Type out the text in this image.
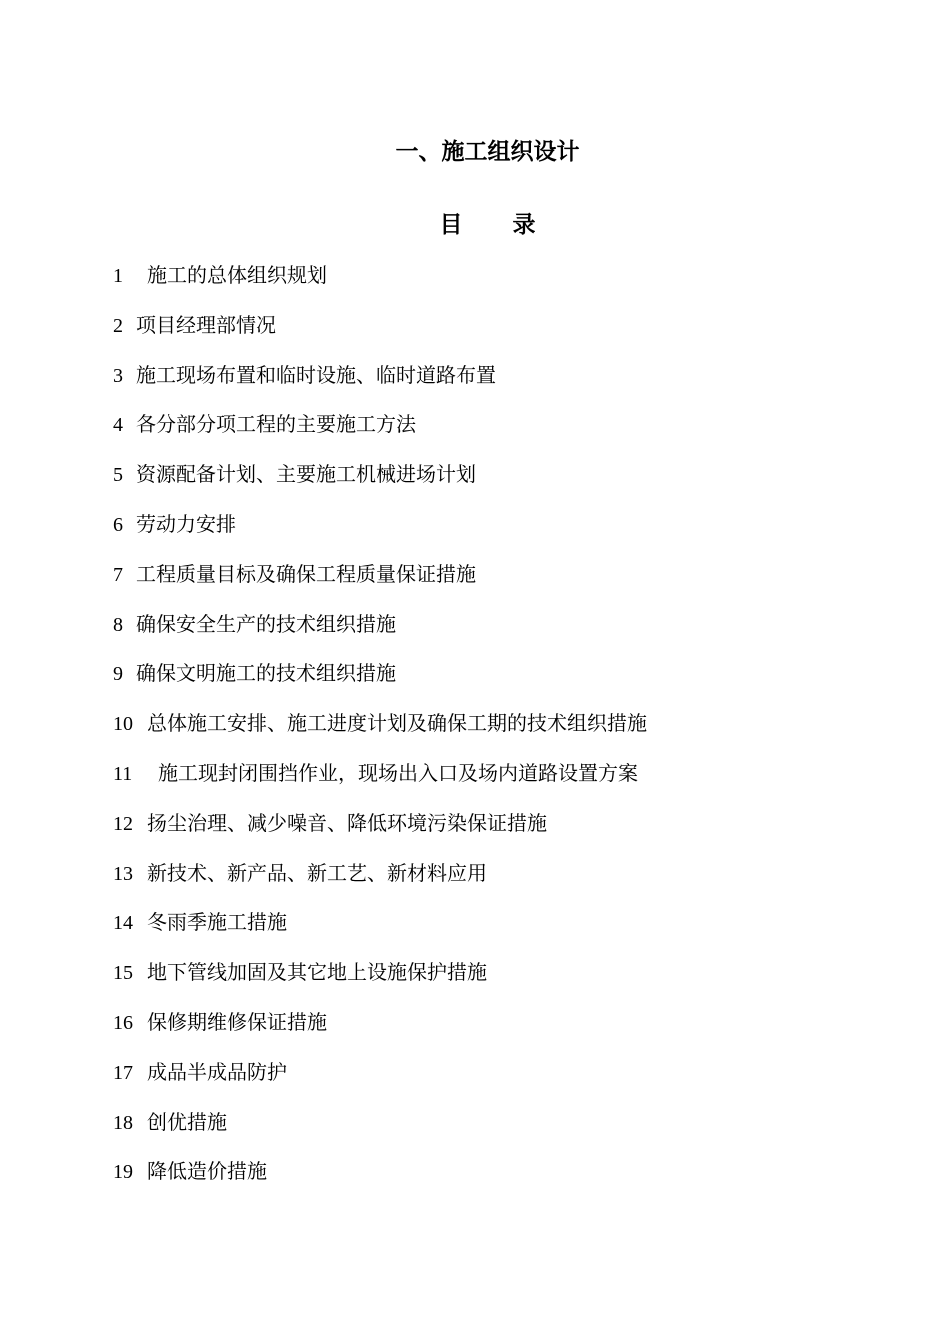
一、施工组织设计
目 录
1 施工的总体组织规划
2 项目经理部情况
3 施工现场布置和临时设施、临时道路布置
4 各分部分项工程的主要施工方法
5 资源配备计划、主要施工机械进场计划
6 劳动力安排
7 工程质量目标及确保工程质量保证措施
8 确保安全生产的技术组织措施
9 确保文明施工的技术组织措施
10 总体施工安排、施工进度计划及确保工期的技术组织措施
11 施工现封闭围挡作业，现场出入口及场内道路设置方案
12 扬尘治理、减少噪音、降低环境污染保证措施
13 新技术、新产品、新工艺、新材料应用
14 冬雨季施工措施
15 地下管线加固及其它地上设施保护措施
16 保修期维修保证措施
17 成品半成品防护
18 创优措施
19 降低造价措施
